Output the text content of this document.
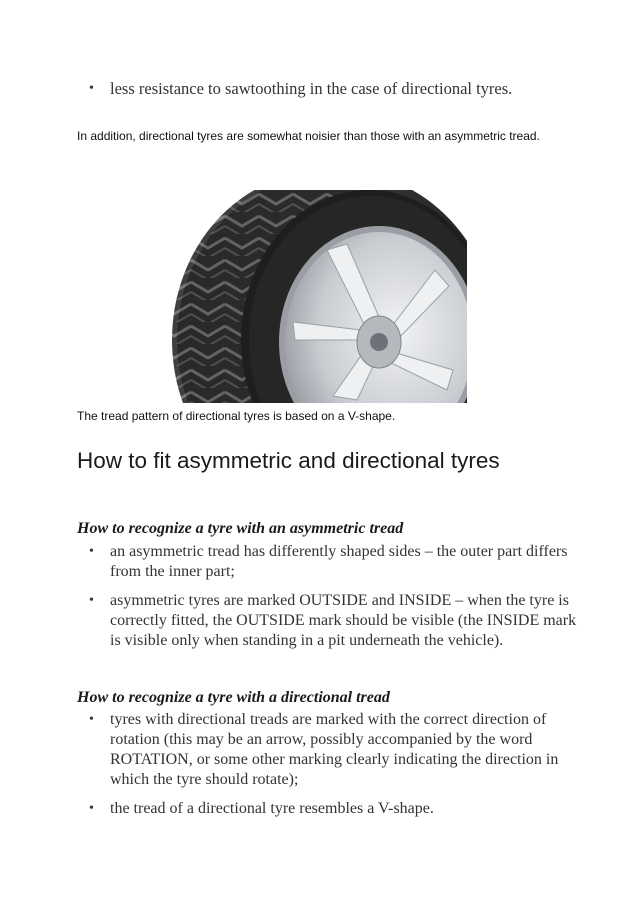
• less resistance to sawtoothing in the case of directional tyres.

In addition, directional tyres are somewhat noisier than those with an asymmetric tread.

The tread pattern of directional tyres is based on a V-shape.

How to fit asymmetric and directional tyres
How to recognize a tyre with an asymmetric tread
• an asymmetric tread has differently shaped sides – the outer part differs from the inner part;
• asymmetric tyres are marked OUTSIDE and INSIDE – when the tyre is correctly fitted, the OUTSIDE mark should be visible (the INSIDE mark is visible only when standing in a pit underneath the vehicle).
How to recognize a tyre with a directional tread
• tyres with directional treads are marked with the correct direction of rotation (this may be an arrow, possibly accompanied by the word ROTATION, or some other marking clearly indicating the direction in which the tyre should rotate);
• the tread of a directional tyre resembles a V-shape.
